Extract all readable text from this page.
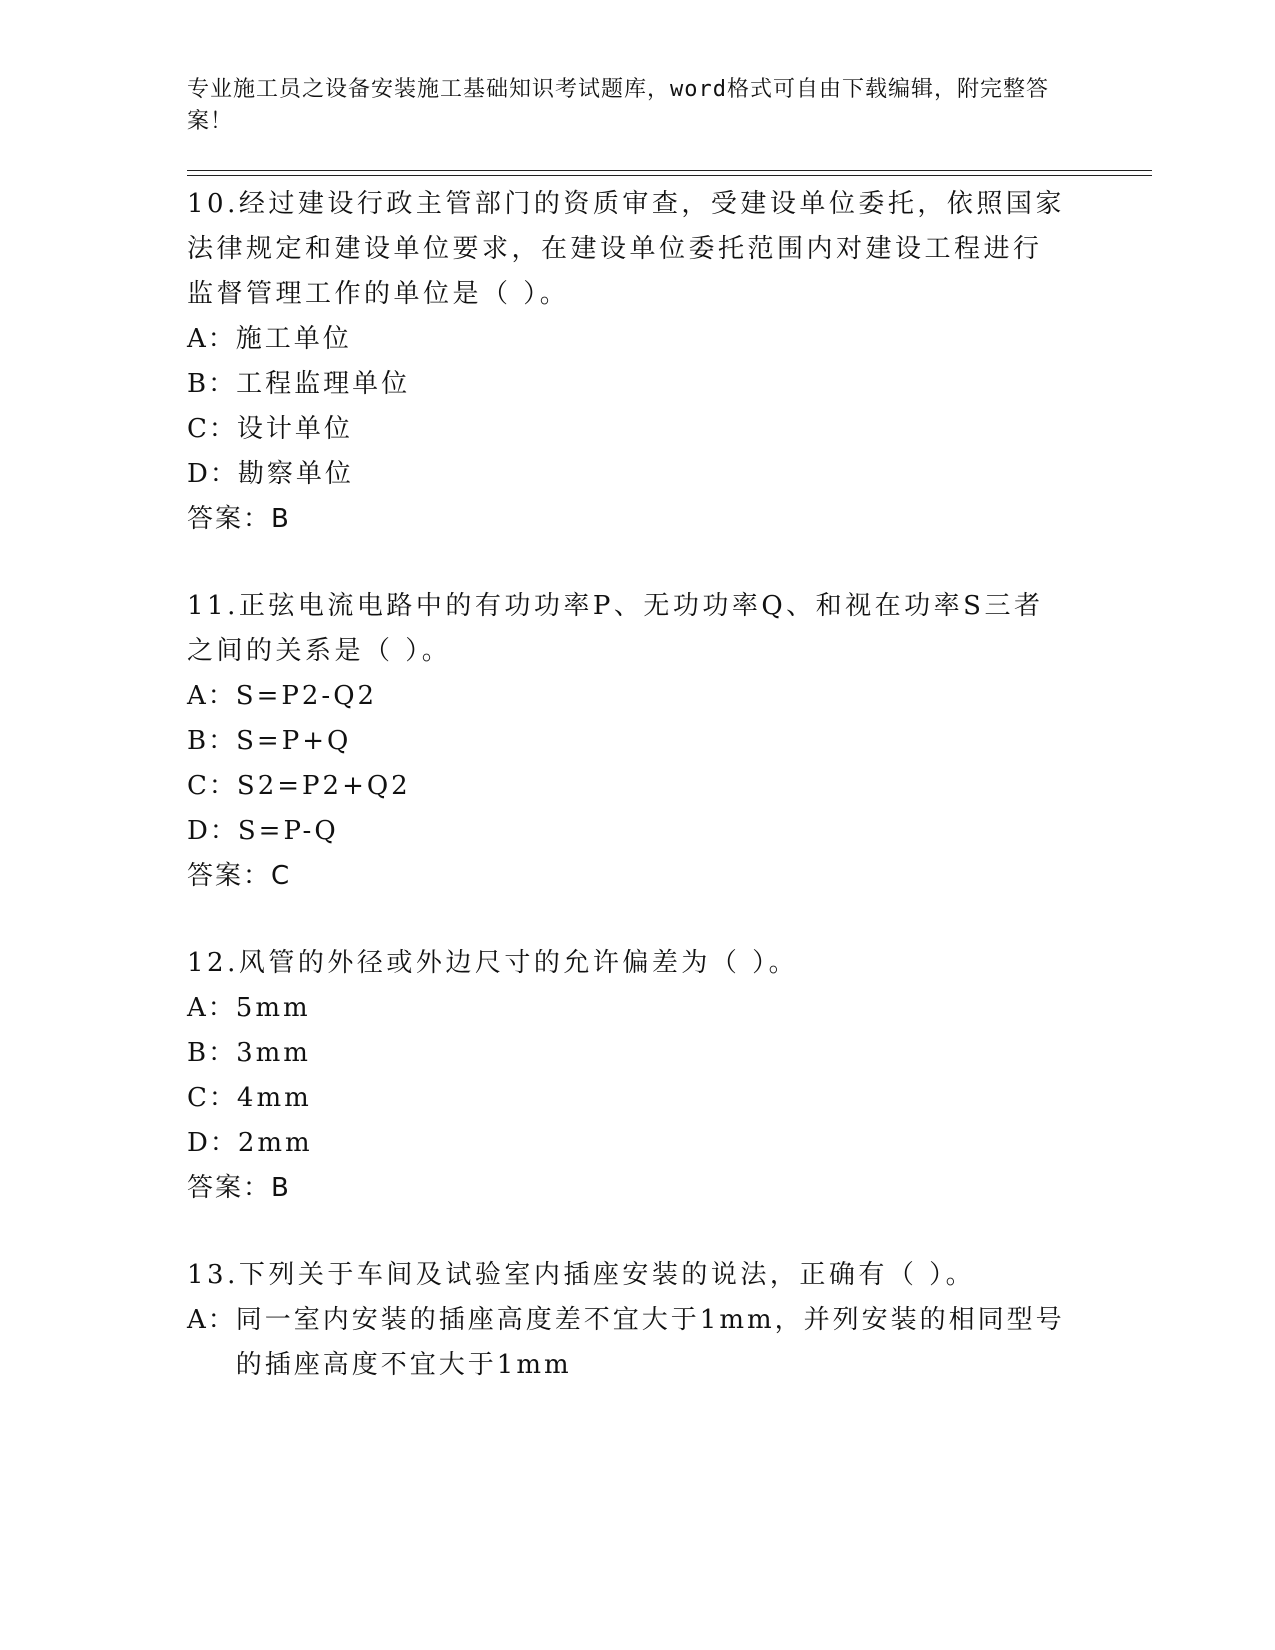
专业施工员之设备安装施工基础知识考试题库，word格式可自由下载编辑，附完整答案！

10.经过建设行政主管部门的资质审查，受建设单位委托，依照国家法律规定和建设单位要求，在建设单位委托范围内对建设工程进行监督管理工作的单位是（ ）。

A： 施工单位

B： 工程监理单位

C： 设计单位

D： 勘察单位

答案：B

11.正弦电流电路中的有功功率P、无功功率Q、和视在功率S三者之间的关系是（ ）。

A： S=P2-Q2

B： S=P+Q

C： S2=P2+Q2

D： S=P-Q

答案：C

12.风管的外径或外边尺寸的允许偏差为（ ）。

A： 5mm

B： 3mm

C： 4mm

D： 2mm

答案：B

13.下列关于车间及试验室内插座安装的说法，正确有（ ）。

A： 同一室内安装的插座高度差不宜大于1mm，并列安装的相同型号的插座高度不宜大于1mm
